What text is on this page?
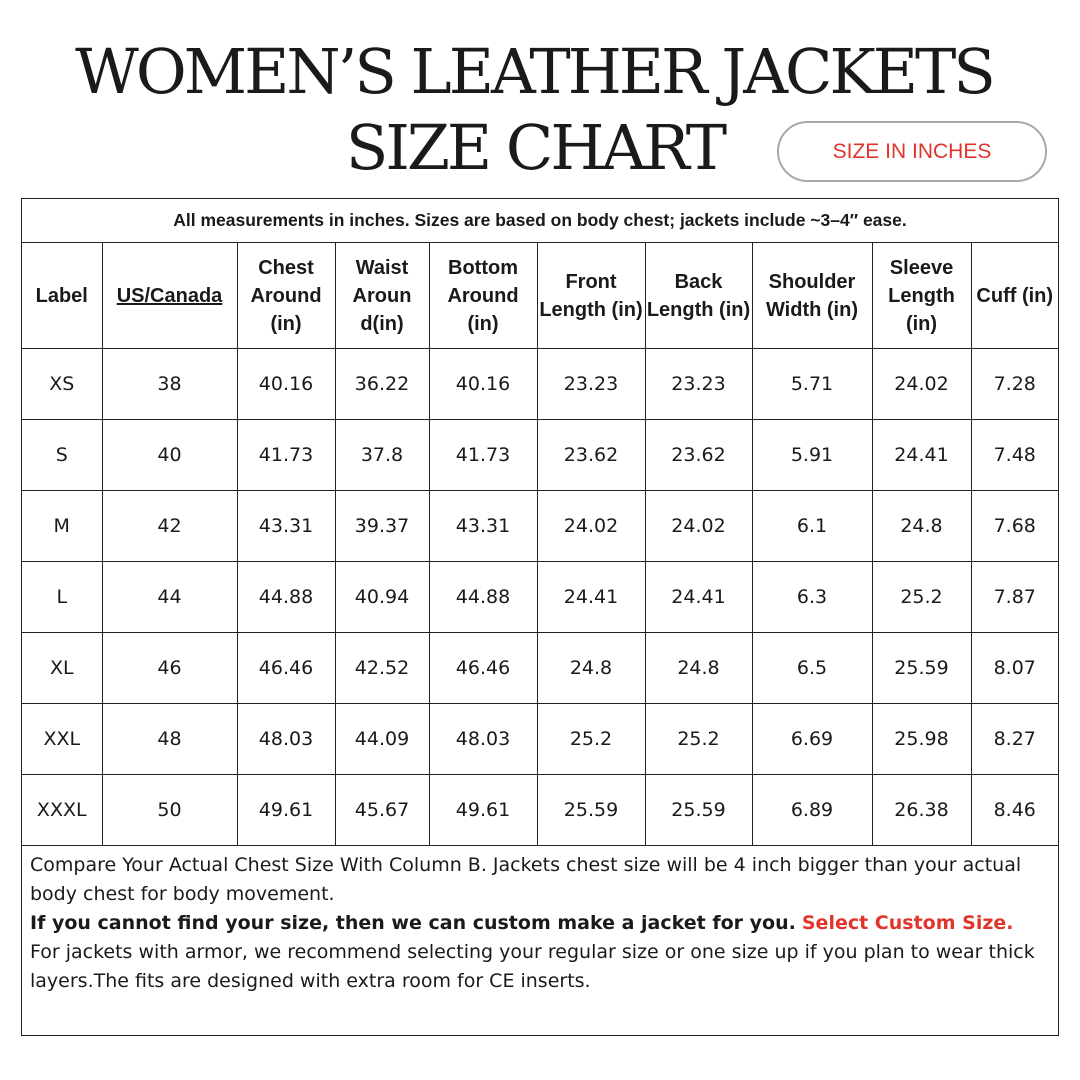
WOMEN’S LEATHER JACKETS
SIZE CHART	SIZE IN INCHES
All measurements in inches. Sizes are based on body chest; jackets include ~3–4″ ease.
Label	US/Canada	Chest Around (in)	Waist Aroun d(in)	Bottom Around (in)	Front Length (in)	Back Length (in)	Shoulder Width (in)	Sleeve Length (in)	Cuff (in)
XS	38	40.16	36.22	40.16	23.23	23.23	5.71	24.02	7.28
S	40	41.73	37.8	41.73	23.62	23.62	5.91	24.41	7.48
M	42	43.31	39.37	43.31	24.02	24.02	6.1	24.8	7.68
L	44	44.88	40.94	44.88	24.41	24.41	6.3	25.2	7.87
XL	46	46.46	42.52	46.46	24.8	24.8	6.5	25.59	8.07
XXL	48	48.03	44.09	48.03	25.2	25.2	6.69	25.98	8.27
XXXL	50	49.61	45.67	49.61	25.59	25.59	6.89	26.38	8.46

Compare Your Actual Chest Size With Column B. Jackets chest size will be 4 inch bigger than your actual body chest for body movement.

If you cannot find your size, then we can custom make a jacket for you. Select Custom Size.

For jackets with armor, we recommend selecting your regular size or one size up if you plan to wear thick layers.The fits are designed with extra room for CE inserts.
